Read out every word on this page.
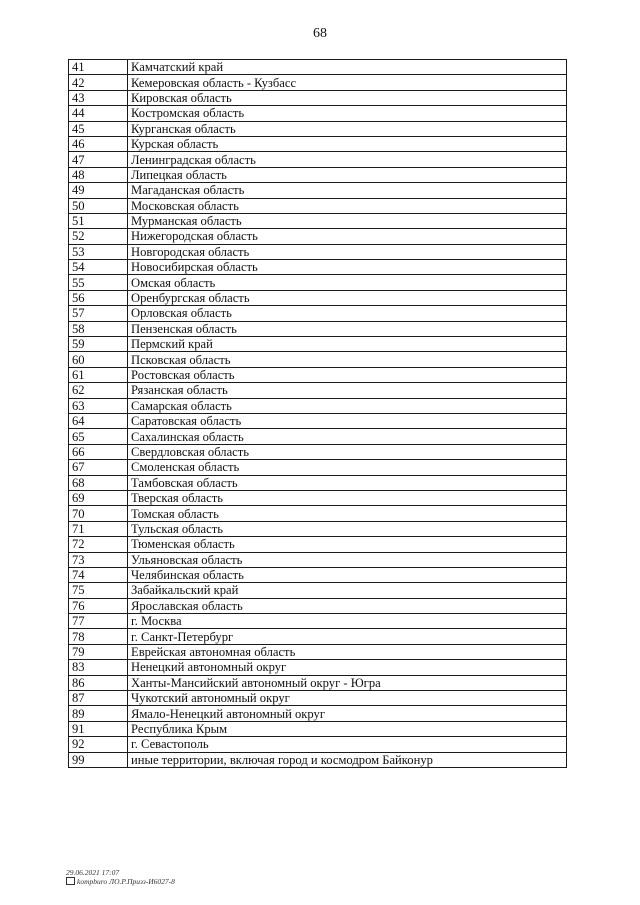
68
41	Камчатский край
42	Кемеровская область - Кузбасс
43	Кировская область
44	Костромская область
45	Курганская область
46	Курская область
47	Ленинградская область
48	Липецкая область
49	Магаданская область
50	Московская область
51	Мурманская область
52	Нижегородская область
53	Новгородская область
54	Новосибирская область
55	Омская область
56	Оренбургская область
57	Орловская область
58	Пензенская область
59	Пермский край
60	Псковская область
61	Ростовская область
62	Рязанская область
63	Самарская область
64	Саратовская область
65	Сахалинская область
66	Свердловская область
67	Смоленская область
68	Тамбовская область
69	Тверская область
70	Томская область
71	Тульская область
72	Тюменская область
73	Ульяновская область
74	Челябинская область
75	Забайкальский край
76	Ярославская область
77	г. Москва
78	г. Санкт-Петербург
79	Еврейская автономная область
83	Ненецкий автономный округ
86	Ханты-Мансийский автономный округ - Югра
87	Чукотский автономный округ
89	Ямало-Ненецкий автономный округ
91	Республика Крым
92	г. Севастополь
99	иные территории, включая город и космодром Байконур
29.06.2021 17:07
kompburo ЛО.Р.Призз-И6027-8
